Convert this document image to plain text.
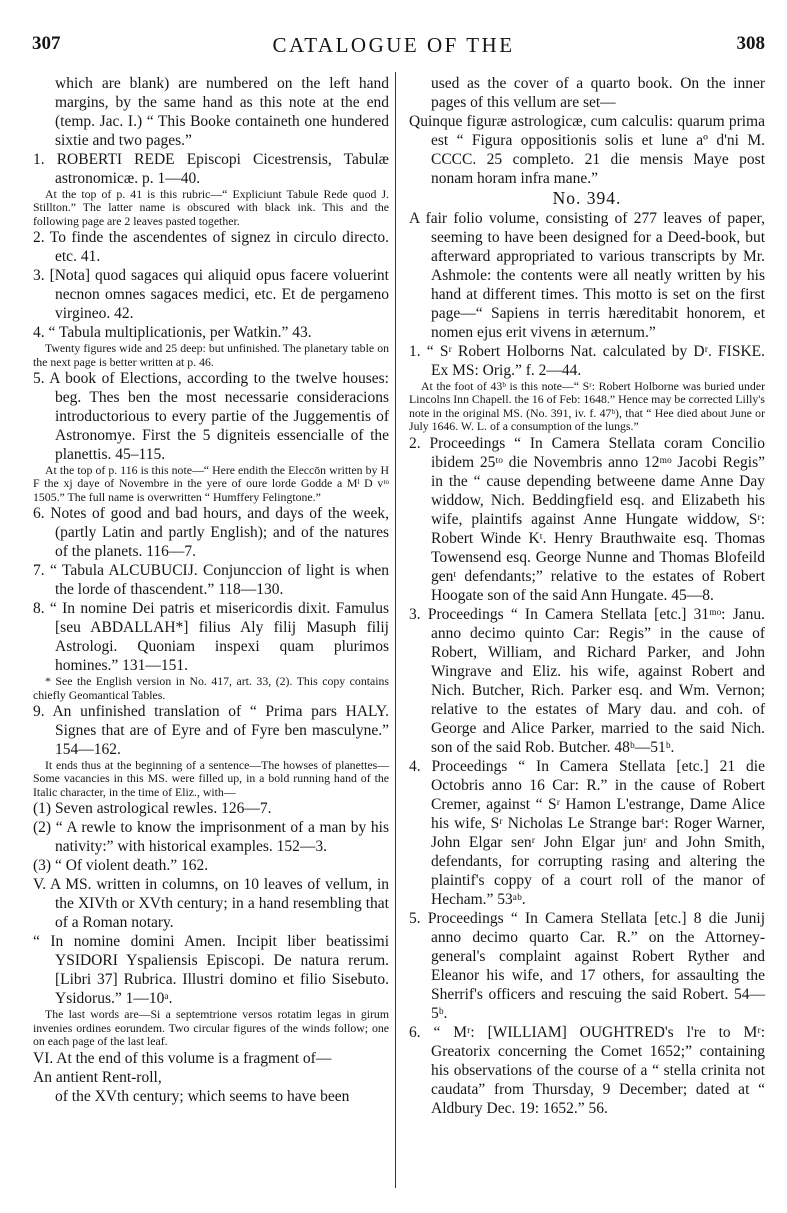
307	CATALOGUE OF THE	308

which are blank) are numbered on the left hand margins, by the same hand as this note at the end (temp. Jac. I.) “ This Booke containeth one hundered sixtie and two pages.”

1. ROBERTI REDE Episcopi Cicestrensis, Tabulæ astronomicæ. p. 1—40.

At the top of p. 41 is this rubric—“ Expliciunt Tabule Rede quod J. Stillton.” The latter name is obscured with black ink. This and the following page are 2 leaves pasted together.

2. To finde the ascendentes of signez in circulo directo. etc. 41.

3. [Nota] quod sagaces qui aliquid opus facere voluerint necnon omnes sagaces medici, etc. Et de pergameno virgineo. 42.

4. “ Tabula multiplicationis, per Watkin.” 43.

Twenty figures wide and 25 deep: but unfinished. The planetary table on the next page is better written at p. 46.

5. A book of Elections, according to the twelve houses: beg. Thes ben the most necessarie consideracions introductorious to every partie of the Juggementis of Astronomye. First the 5 digniteis essencialle of the planettis. 45–115.

At the top of p. 116 is this note—“ Here endith the Eleccōn written by H F the xj daye of Novembre in the yere of oure lorde Godde a Mˡ D vᵗᵒ 1505.” The full name is overwritten “ Humffery Felingtone.”

6. Notes of good and bad hours, and days of the week, (partly Latin and partly English); and of the natures of the planets. 116—7.

7. “ Tabula ALCUBUCIJ. Conjunccion of light is when the lorde of thascendent.” 118—130.

8. “ In nomine Dei patris et misericordis dixit. Famulus [seu ABDALLAH*] filius Aly filij Masuph filij Astrologi. Quoniam inspexi quam plurimos homines.” 131—151.

* See the English version in No. 417, art. 33, (2). This copy contains chiefly Geomantical Tables.

9. An unfinished translation of “ Prima pars HALY. Signes that are of Eyre and of Fyre ben masculyne.” 154—162.

It ends thus at the beginning of a sentence—The howses of planettes—Some vacancies in this MS. were filled up, in a bold running hand of the Italic character, in the time of Eliz., with—

(1) Seven astrological rewles. 126—7.

(2) “ A rewle to know the imprisonment of a man by his nativity:” with historical examples. 152—3.

(3) “ Of violent death.” 162.

V. A MS. written in columns, on 10 leaves of vellum, in the XIVth or XVth century; in a hand resembling that of a Roman notary.

“ In nomine domini Amen. Incipit liber beatissimi YSIDORI Yspaliensis Episcopi. De natura rerum. [Libri 37] Rubrica. Illustri domino et filio Sisebuto. Ysidorus.” 1—10ᵃ.

The last words are—Si a septemtrione versos rotatim legas in girum invenies ordines eorundem. Two circular figures of the winds follow; one on each page of the last leaf.

VI. At the end of this volume is a fragment of—

An antient Rent-roll,

of the XVth century; which seems to have been

used as the cover of a quarto book. On the inner pages of this vellum are set—

Quinque figuræ astrologicæ, cum calculis: quarum prima est “ Figura oppositionis solis et lune aº d'ni M. CCCC. 25 completo. 21 die mensis Maye post nonam horam infra mane.”

No. 394.

A fair folio volume, consisting of 277 leaves of paper, seeming to have been designed for a Deed-book, but afterward appropriated to various transcripts by Mr. Ashmole: the contents were all neatly written by his hand at different times. This motto is set on the first page—“ Sapiens in terris hæreditabit honorem, et nomen ejus erit vivens in æternum.”

1. “ Sʳ Robert Holborns Nat. calculated by Dʳ. FISKE. Ex MS: Orig.” f. 2—44.

At the foot of 43ᵇ is this note—“ Sʳ: Robert Holborne was buried under Lincolns Inn Chapell. the 16 of Feb: 1648.” Hence may be corrected Lilly's note in the original MS. (No. 391, iv. f. 47ᵇ), that “ Hee died about June or July 1646. W. L. of a consumption of the lungs.”

2. Proceedings “ In Camera Stellata coram Concilio ibidem 25ᵗᵒ die Novembris anno 12ᵐᵒ Jacobi Regis” in the “ cause depending betweene dame Anne Day widdow, Nich. Beddingfield esq. and Elizabeth his wife, plaintifs against Anne Hungate widdow, Sʳ: Robert Winde Kᵗ. Henry Brauthwaite esq. Thomas Towensend esq. George Nunne and Thomas Blofeild genᵗ defendants;” relative to the estates of Robert Hoogate son of the said Ann Hungate. 45—8.

3. Proceedings “ In Camera Stellata [etc.] 31ᵐᵒ: Janu. anno decimo quinto Car: Regis” in the cause of Robert, William, and Richard Parker, and John Wingrave and Eliz. his wife, against Robert and Nich. Butcher, Rich. Parker esq. and Wm. Vernon; relative to the estates of Mary dau. and coh. of George and Alice Parker, married to the said Nich. son of the said Rob. Butcher. 48ᵇ—51ᵇ.

4. Proceedings “ In Camera Stellata [etc.] 21 die Octobris anno 16 Car: R.” in the cause of Robert Cremer, against “ Sʳ Hamon L'estrange, Dame Alice his wife, Sʳ Nicholas Le Strange barᵗ: Roger Warner, John Elgar senʳ John Elgar junʳ and John Smith, defendants, for corrupting rasing and altering the plaintif's coppy of a court roll of the manor of Hecham.” 53ᵃᵇ.

5. Proceedings “ In Camera Stellata [etc.] 8 die Junij anno decimo quarto Car. R.” on the Attorney-general's complaint against Robert Ryther and Eleanor his wife, and 17 others, for assaulting the Sherrif's officers and rescuing the said Robert. 54—5ᵇ.

6. “ Mʳ: [WILLIAM] OUGHTRED's l're to Mʳ: Greatorix concerning the Comet 1652;” containing his observations of the course of a “ stella crinita not caudata” from Thursday, 9 December; dated at “ Aldbury Dec. 19: 1652.” 56.
